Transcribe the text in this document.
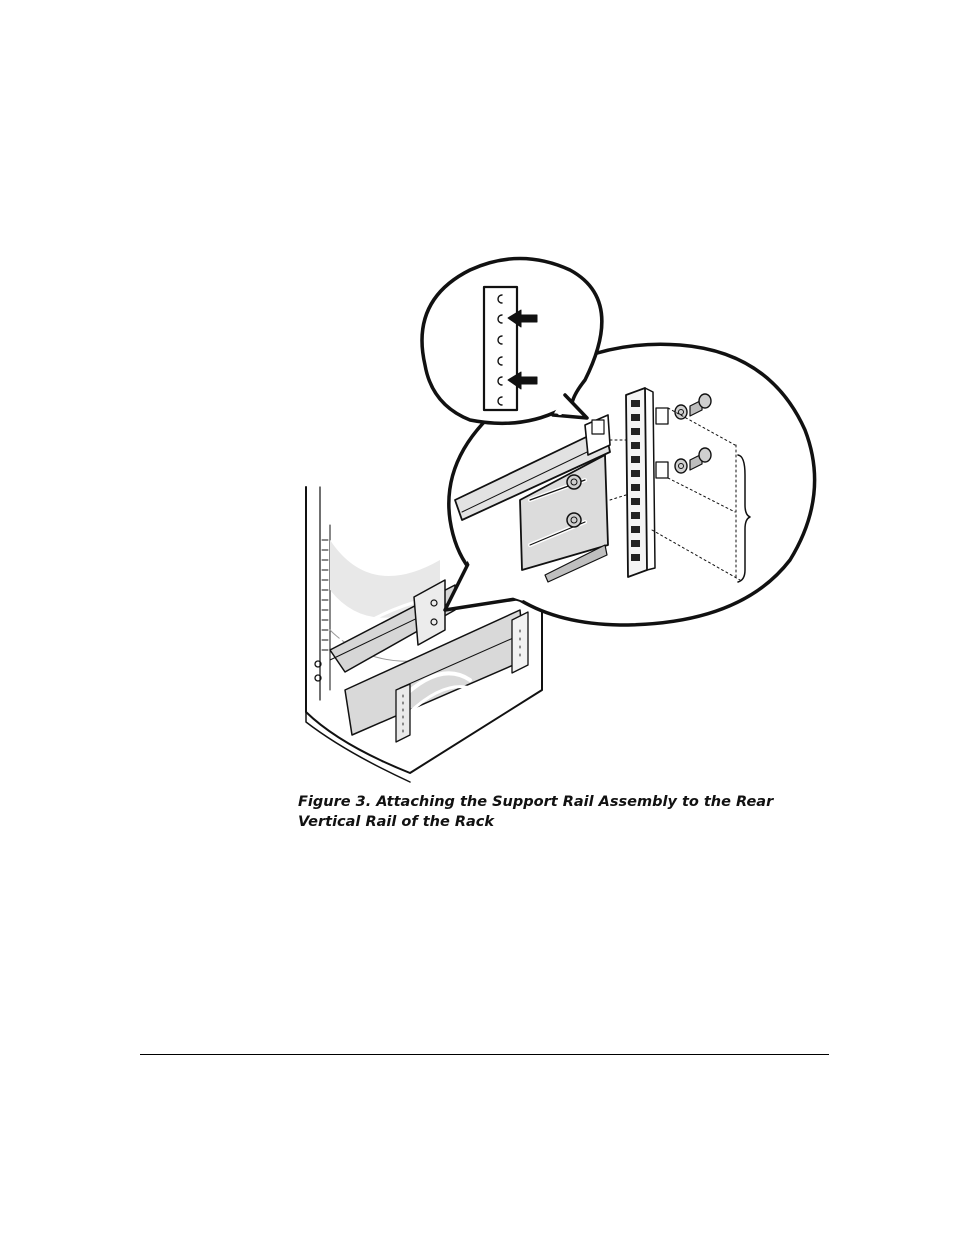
Figure 3. Attaching the Support Rail Assembly to the Rear Vertical Rail of the Rack
